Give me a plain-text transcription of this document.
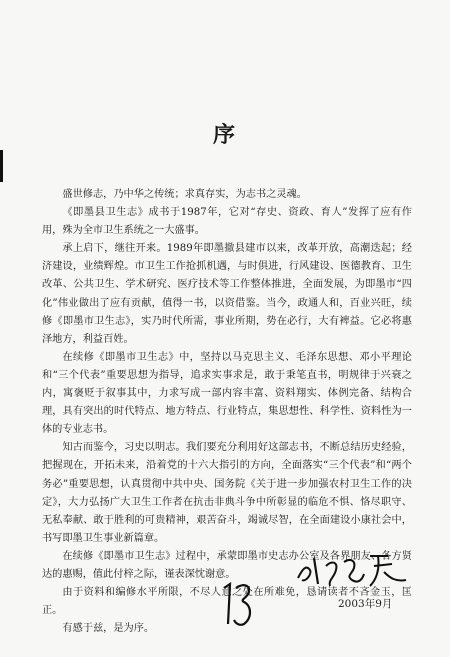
序

盛世修志，乃中华之传统；求真存实，为志书之灵魂。

《即墨县卫生志》成书于1987年，它对“存史、资政、育人”发挥了应有作用，殊为全市卫生系统之一大盛事。

承上启下，继往开来。1989年即墨撤县建市以来，改革开放，高潮迭起；经济建设，业绩辉煌。市卫生工作抢抓机遇，与时俱进，行风建设、医德教育、卫生改革、公共卫生、学术研究、医疗技术等工作整体推进，全面发展，为即墨市“四化”伟业做出了应有贡献，值得一书，以资借鉴。当今，政通人和，百业兴旺，续修《即墨市卫生志》，实乃时代所需，事业所期，势在必行，大有裨益。它必将惠泽地方，利益百姓。

在续修《即墨市卫生志》中，坚持以马克思主义、毛泽东思想、邓小平理论和“三个代表”重要思想为指导，追求实事求是，敢于秉笔直书，明规律于兴衰之内，寓褒贬于叙事其中，力求写成一部内容丰富、资料翔实、体例完备、结构合理，具有突出的时代特点、地方特点、行业特点，集思想性、科学性、资料性为一体的专业志书。

知古而鉴今，习史以明志。我们要充分利用好这部志书，不断总结历史经验，把握现在，开拓未来，沿着党的十六大指引的方向，全面落实“三个代表”和“两个务必”重要思想，认真贯彻中共中央、国务院《关于进一步加强农村卫生工作的决定》，大力弘扬广大卫生工作者在抗击非典斗争中所彰显的临危不惧、恪尽职守、无私奉献、敢于胜利的可贵精神，艰苦奋斗，竭诚尽智，在全面建设小康社会中，书写即墨卫生事业新篇章。

在续修《即墨市卫生志》过程中，承蒙即墨市史志办公室及各界朋友、各方贤达的惠赐，值此付梓之际，谨表深忱谢意。

由于资料和编修水平所限，不尽人意之处在所难免，恳请读者不吝金玉，匡正。

有感于兹，是为序。

13
2003年9月
